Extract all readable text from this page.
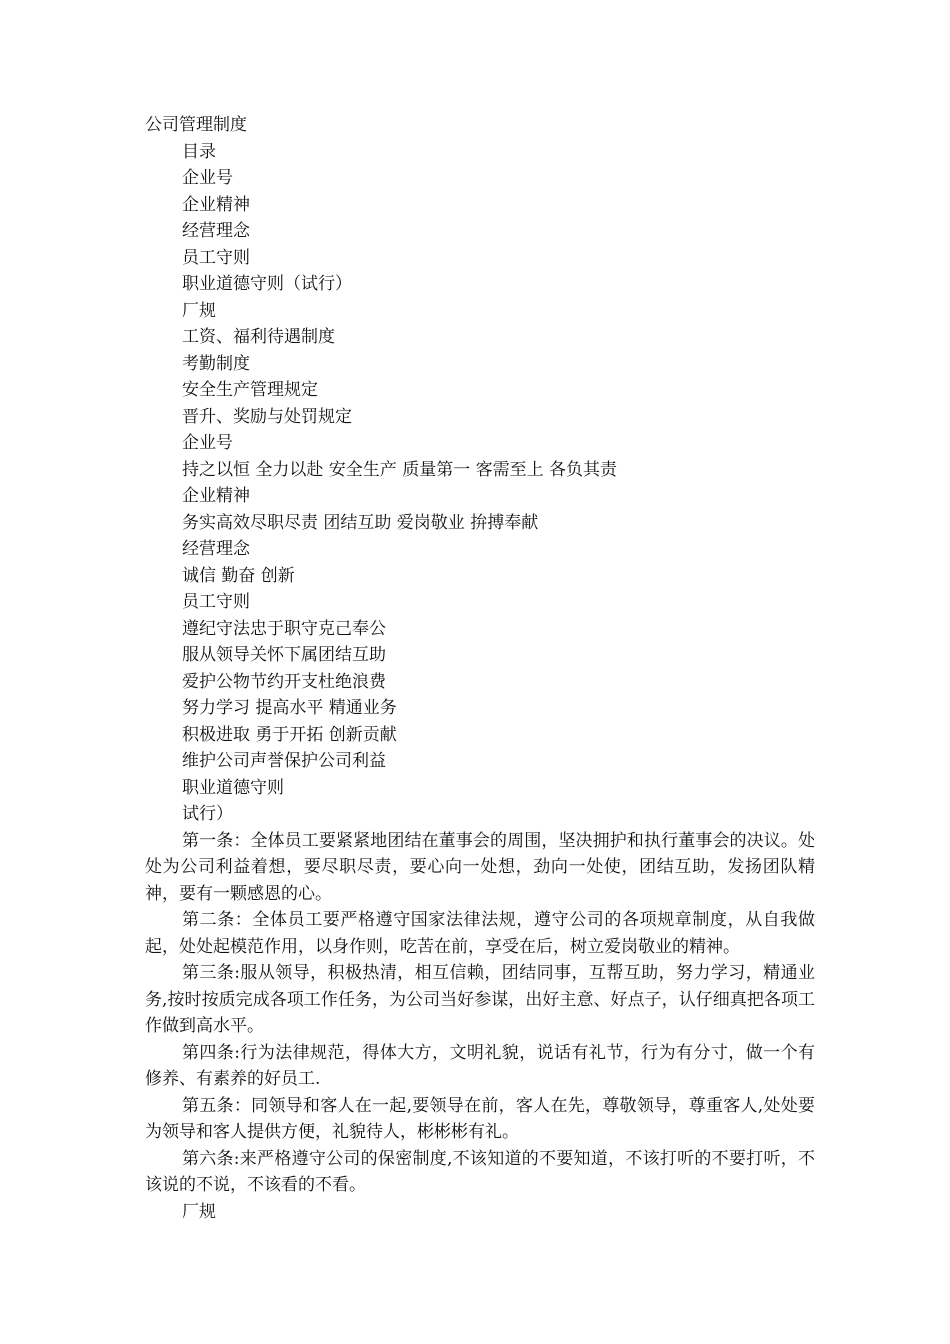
公司管理制度
目录
企业号
企业精神
经营理念
员工守则
职业道德守则（试行）
厂规
工资、福利待遇制度
考勤制度
安全生产管理规定
晋升、奖励与处罚规定
企业号
持之以恒 全力以赴 安全生产 质量第一 客需至上 各负其责
企业精神
务实高效尽职尽责 团结互助 爱岗敬业 拚搏奉献
经营理念
诚信 勤奋 创新
员工守则
遵纪守法忠于职守克己奉公
服从领导关怀下属团结互助
爱护公物节约开支杜绝浪费
努力学习 提高水平 精通业务
积极进取 勇于开拓 创新贡献
维护公司声誉保护公司利益
职业道德守则
试行）

第一条：全体员工要紧紧地团结在董事会的周围，坚决拥护和执行董事会的决议。处处为公司利益着想，要尽职尽责，要心向一处想，劲向一处使，团结互助，发扬团队精神，要有一颗感恩的心。

第二条：全体员工要严格遵守国家法律法规，遵守公司的各项规章制度，从自我做起，处处起模范作用，以身作则，吃苦在前，享受在后，树立爱岗敬业的精神。

第三条:服从领导，积极热清，相互信赖，团结同事，互帮互助，努力学习，精通业务,按时按质完成各项工作任务，为公司当好参谋，出好主意、好点子，认仔细真把各项工作做到高水平。

第四条:行为法律规范，得体大方，文明礼貌，说话有礼节，行为有分寸，做一个有修养、有素养的好员工.

第五条：同领导和客人在一起,要领导在前，客人在先，尊敬领导，尊重客人,处处要为领导和客人提供方便，礼貌待人，彬彬彬有礼。

第六条:来严格遵守公司的保密制度,不该知道的不要知道，不该打听的不要打听，不该说的不说，不该看的不看。

厂规
